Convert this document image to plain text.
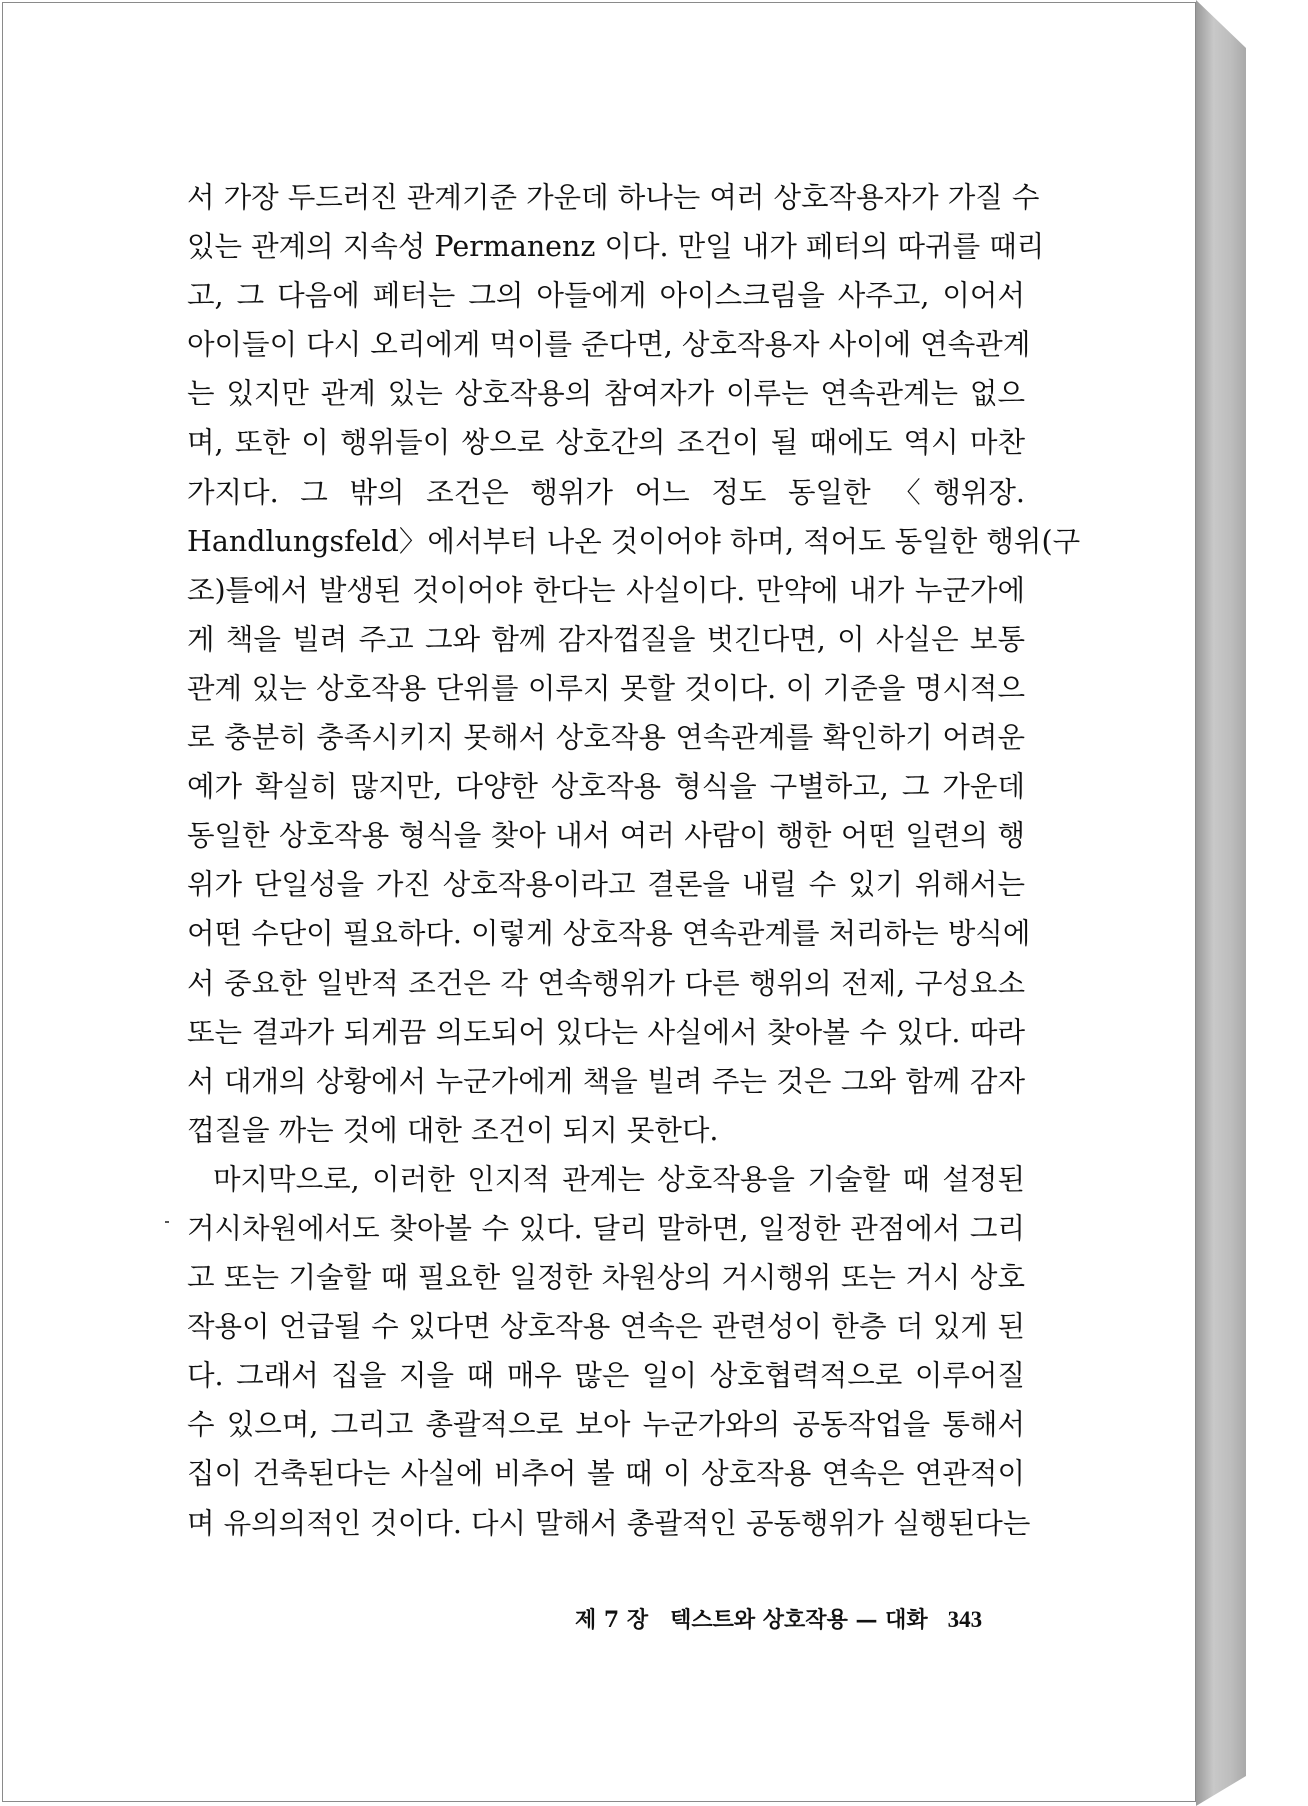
서 가장 두드러진 관계기준 가운데 하나는 여러 상호작용자가 가질 수
있는 관계의 지속성 Permanenz 이다. 만일 내가 페터의 따귀를 때리
고, 그 다음에 페터는 그의 아들에게 아이스크림을 사주고, 이어서
아이들이 다시 오리에게 먹이를 준다면, 상호작용자 사이에 연속관계
는 있지만 관계 있는 상호작용의 참여자가 이루는 연속관계는 없으
며, 또한 이 행위들이 쌍으로 상호간의 조건이 될 때에도 역시 마찬
가지다. 그 밖의 조건은 행위가 어느 정도 동일한 〈행위장.
Handlungsfeld〉에서부터 나온 것이어야 하며, 적어도 동일한 행위(구
조)틀에서 발생된 것이어야 한다는 사실이다. 만약에 내가 누군가에
게 책을 빌려 주고 그와 함께 감자껍질을 벗긴다면, 이 사실은 보통
관계 있는 상호작용 단위를 이루지 못할 것이다. 이 기준을 명시적으
로 충분히 충족시키지 못해서 상호작용 연속관계를 확인하기 어려운
예가 확실히 많지만, 다양한 상호작용 형식을 구별하고, 그 가운데
동일한 상호작용 형식을 찾아 내서 여러 사람이 행한 어떤 일련의 행
위가 단일성을 가진 상호작용이라고 결론을 내릴 수 있기 위해서는
어떤 수단이 필요하다. 이렇게 상호작용 연속관계를 처리하는 방식에
서 중요한 일반적 조건은 각 연속행위가 다른 행위의 전제, 구성요소
또는 결과가 되게끔 의도되어 있다는 사실에서 찾아볼 수 있다. 따라
서 대개의 상황에서 누군가에게 책을 빌려 주는 것은 그와 함께 감자
껍질을 까는 것에 대한 조건이 되지 못한다.
마지막으로, 이러한 인지적 관계는 상호작용을 기술할 때 설정된
거시차원에서도 찾아볼 수 있다. 달리 말하면, 일정한 관점에서 그리
고 또는 기술할 때 필요한 일정한 차원상의 거시행위 또는 거시 상호
작용이 언급될 수 있다면 상호작용 연속은 관련성이 한층 더 있게 된
다. 그래서 집을 지을 때 매우 많은 일이 상호협력적으로 이루어질
수 있으며, 그리고 총괄적으로 보아 누군가와의 공동작업을 통해서
집이 건축된다는 사실에 비추어 볼 때 이 상호작용 연속은 연관적이
며 유의의적인 것이다. 다시 말해서 총괄적인 공동행위가 실행된다는
제 7 장 텍스트와 상호작용 — 대화 343
